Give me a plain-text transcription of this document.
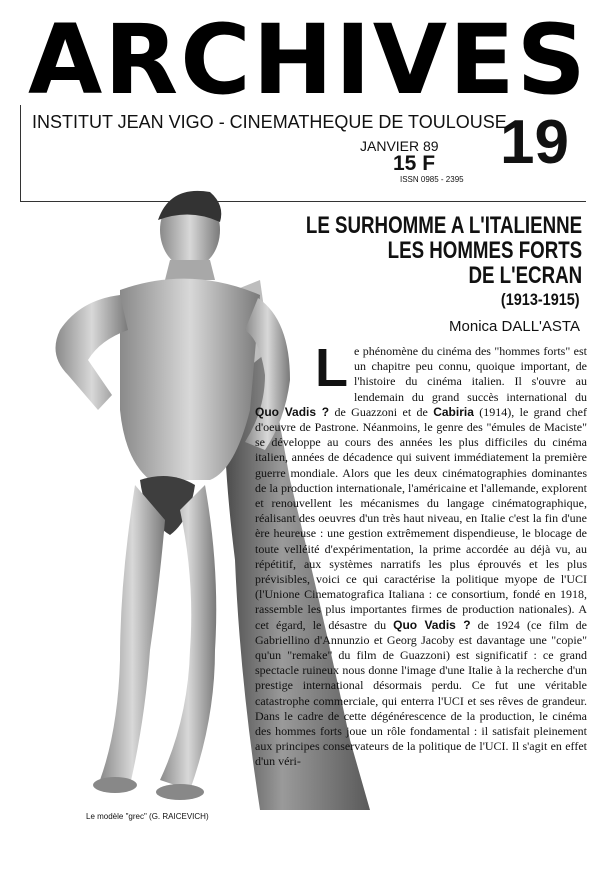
ARCHIVES
INSTITUT JEAN VIGO - CINEMATHEQUE DE TOULOUSE
JANVIER 89
15 F
ISSN 0985 - 2395
19
Le modèle "grec" (G. RAICEVICH)
LE SURHOMME A L'ITALIENNE
LES HOMMES FORTS
DE L'ECRAN
(1913-1915)
Monica DALL'ASTA
L e phénomène du cinéma des "hommes forts" est un chapitre peu connu, quoique important, de l'histoire du cinéma italien. Il s'ouvre au lendemain du grand succès international du Quo Vadis ? de Guazzoni et de Cabiria (1914), le grand chef d'oeuvre de Pastrone. Néanmoins, le genre des "émules de Maciste" se développe au cours des années les plus difficiles du cinéma italien, années de décadence qui suivent immédiatement la première guerre mondiale. Alors que les deux cinématographies dominantes de la production internationale, l'américaine et l'allemande, explorent et renouvellent les mécanismes du langage cinématographique, réalisant des oeuvres d'un très haut niveau, en Italie c'est la fin d'une ère heureuse : une gestion extrêmement dispendieuse, le blocage de toute velléité d'expérimentation, la prime accordée au déjà vu, au répétitif, aux systèmes narratifs les plus éprouvés et les plus prévisibles, voici ce qui caractérise la politique myope de l'UCI (l'Unione Cinematografica Italiana : ce consortium, fondé en 1918, rassemble les plus importantes firmes de production nationales). A cet égard, le désastre du Quo Vadis ? de 1924 (ce film de Gabriellino d'Annunzio et Georg Jacoby est davantage une "copie" qu'un "remake" du film de Guazzoni) est significatif : ce grand spectacle ruineux nous donne l'image d'une Italie à la recherche d'un prestige international désormais perdu. Ce fut une véritable catastrophe commerciale, qui enterra l'UCI et ses rêves de grandeur. Dans le cadre de cette dégénérescence de la production, le cinéma des hommes forts joue un rôle fondamental : il satisfait pleinement aux principes conservateurs de la politique de l'UCI. Il s'agit en effet d'un véri-
